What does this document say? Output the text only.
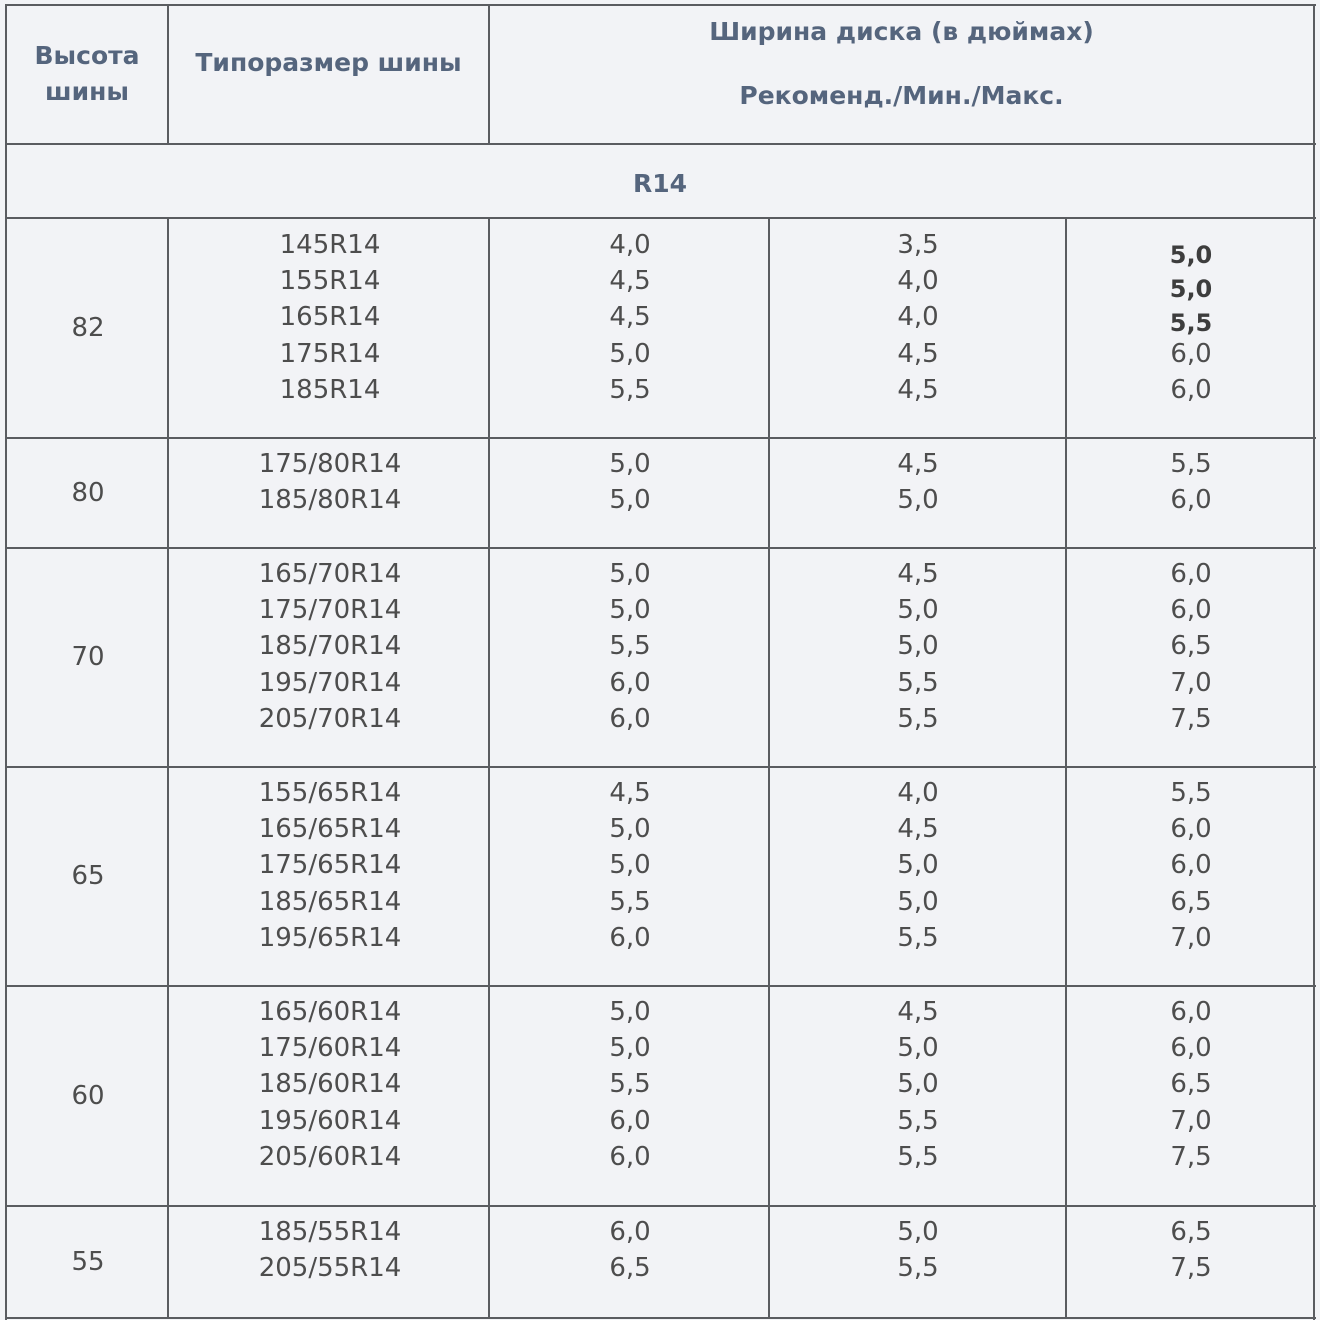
Высота
шины
Типоразмер шины
Ширина диска (в дюймах)
Рекоменд./Мин./Макс.
R14
82
145R14	4,0	3,5	5,0
155R14	4,5	4,0	5,0
165R14	4,5	4,0	5,5
175R14	5,0	4,5	6,0
185R14	5,5	4,5	6,0
80
175/80R14	5,0	4,5	5,5
185/80R14	5,0	5,0	6,0
70
165/70R14	5,0	4,5	6,0
175/70R14	5,0	5,0	6,0
185/70R14	5,5	5,0	6,5
195/70R14	6,0	5,5	7,0
205/70R14	6,0	5,5	7,5
65
155/65R14	4,5	4,0	5,5
165/65R14	5,0	4,5	6,0
175/65R14	5,0	5,0	6,0
185/65R14	5,5	5,0	6,5
195/65R14	6,0	5,5	7,0
60
165/60R14	5,0	4,5	6,0
175/60R14	5,0	5,0	6,0
185/60R14	5,5	5,0	6,5
195/60R14	6,0	5,5	7,0
205/60R14	6,0	5,5	7,5
55
185/55R14	6,0	5,0	6,5
205/55R14	6,5	5,5	7,5
